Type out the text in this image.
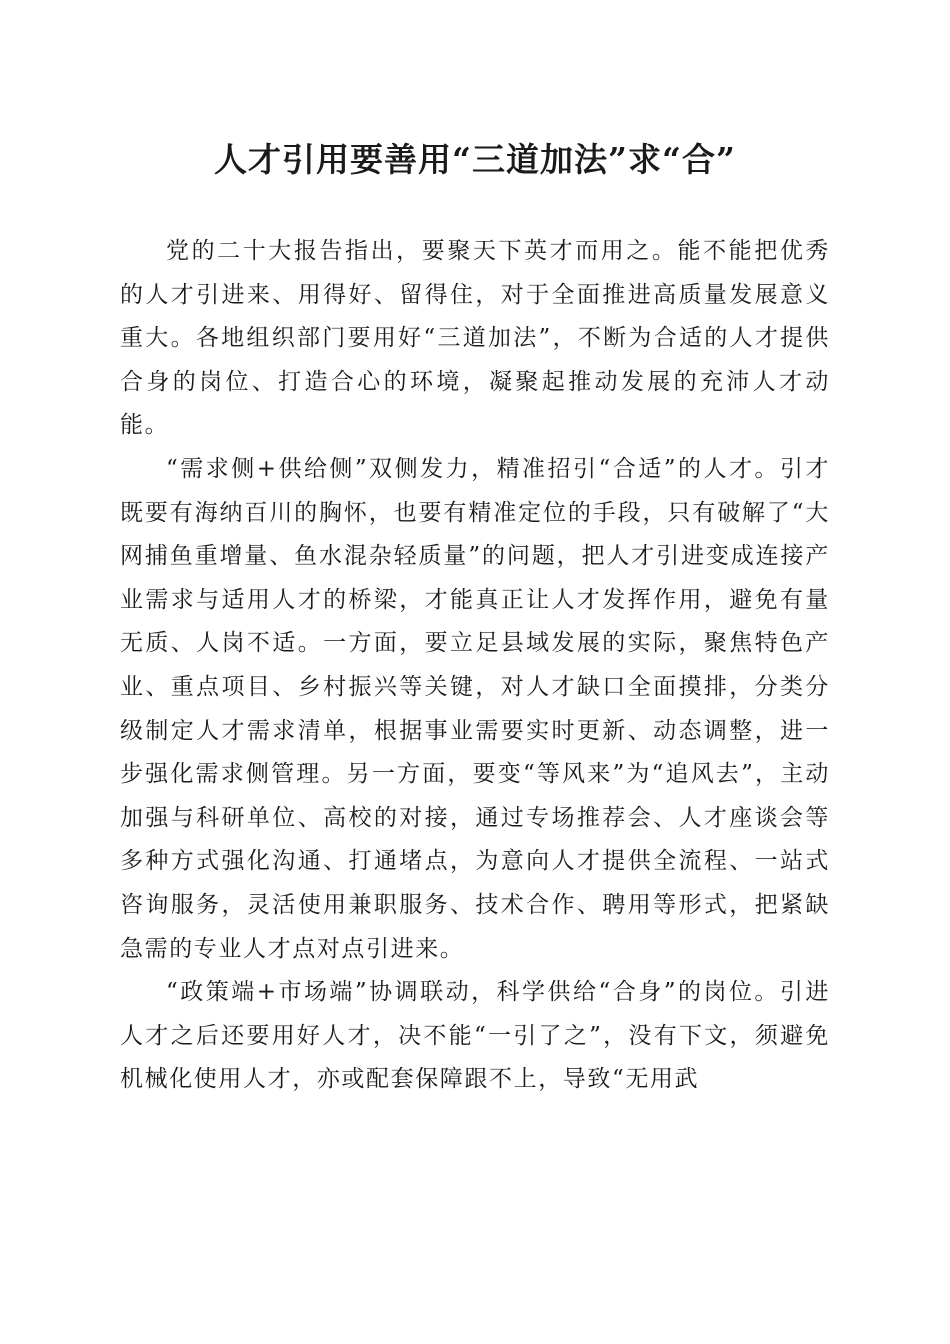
人才引用要善用“三道加法”求“合”

党的二十大报告指出，要聚天下英才而用之。能不能把优秀的人才引进来、用得好、留得住，对于全面推进高质量发展意义重大。各地组织部门要用好“三道加法”，不断为合适的人才提供合身的岗位、打造合心的环境，凝聚起推动发展的充沛人才动能。

“需求侧+供给侧”双侧发力，精准招引“合适”的人才。引才既要有海纳百川的胸怀，也要有精准定位的手段，只有破解了“大网捕鱼重增量、鱼水混杂轻质量”的问题，把人才引进变成连接产业需求与适用人才的桥梁，才能真正让人才发挥作用，避免有量无质、人岗不适。一方面，要立足县域发展的实际，聚焦特色产业、重点项目、乡村振兴等关键，对人才缺口全面摸排，分类分级制定人才需求清单，根据事业需要实时更新、动态调整，进一步强化需求侧管理。另一方面，要变“等风来”为“追风去”，主动加强与科研单位、高校的对接，通过专场推荐会、人才座谈会等多种方式强化沟通、打通堵点，为意向人才提供全流程、一站式咨询服务，灵活使用兼职服务、技术合作、聘用等形式，把紧缺急需的专业人才点对点引进来。

“政策端+市场端”协调联动，科学供给“合身”的岗位。引进人才之后还要用好人才，决不能“一引了之”，没有下文，须避免机械化使用人才，亦或配套保障跟不上，导致“无用武
